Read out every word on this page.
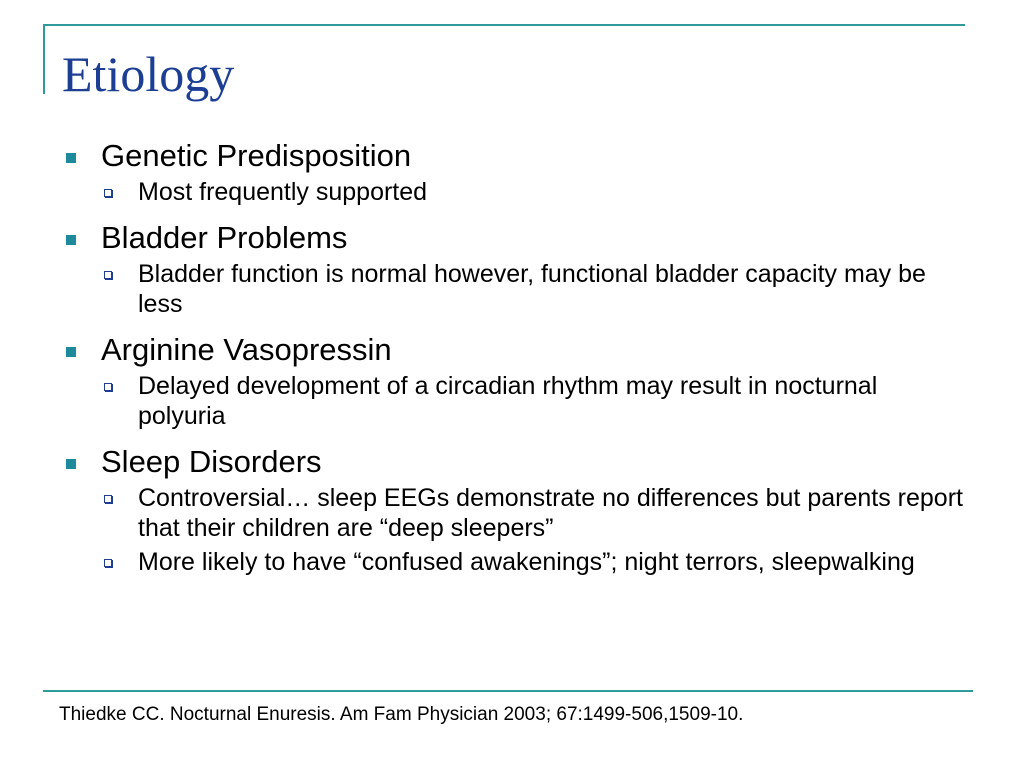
Etiology
Genetic Predisposition
Most frequently supported
Bladder Problems
Bladder function is normal however, functional bladder capacity may be less
Arginine Vasopressin
Delayed development of a circadian rhythm may result in nocturnal polyuria
Sleep Disorders
Controversial… sleep EEGs demonstrate no differences but parents report that their children are “deep sleepers”
More likely to have “confused awakenings”; night terrors, sleepwalking

Thiedke CC. Nocturnal Enuresis. Am Fam Physician 2003; 67:1499-506,1509-10.
